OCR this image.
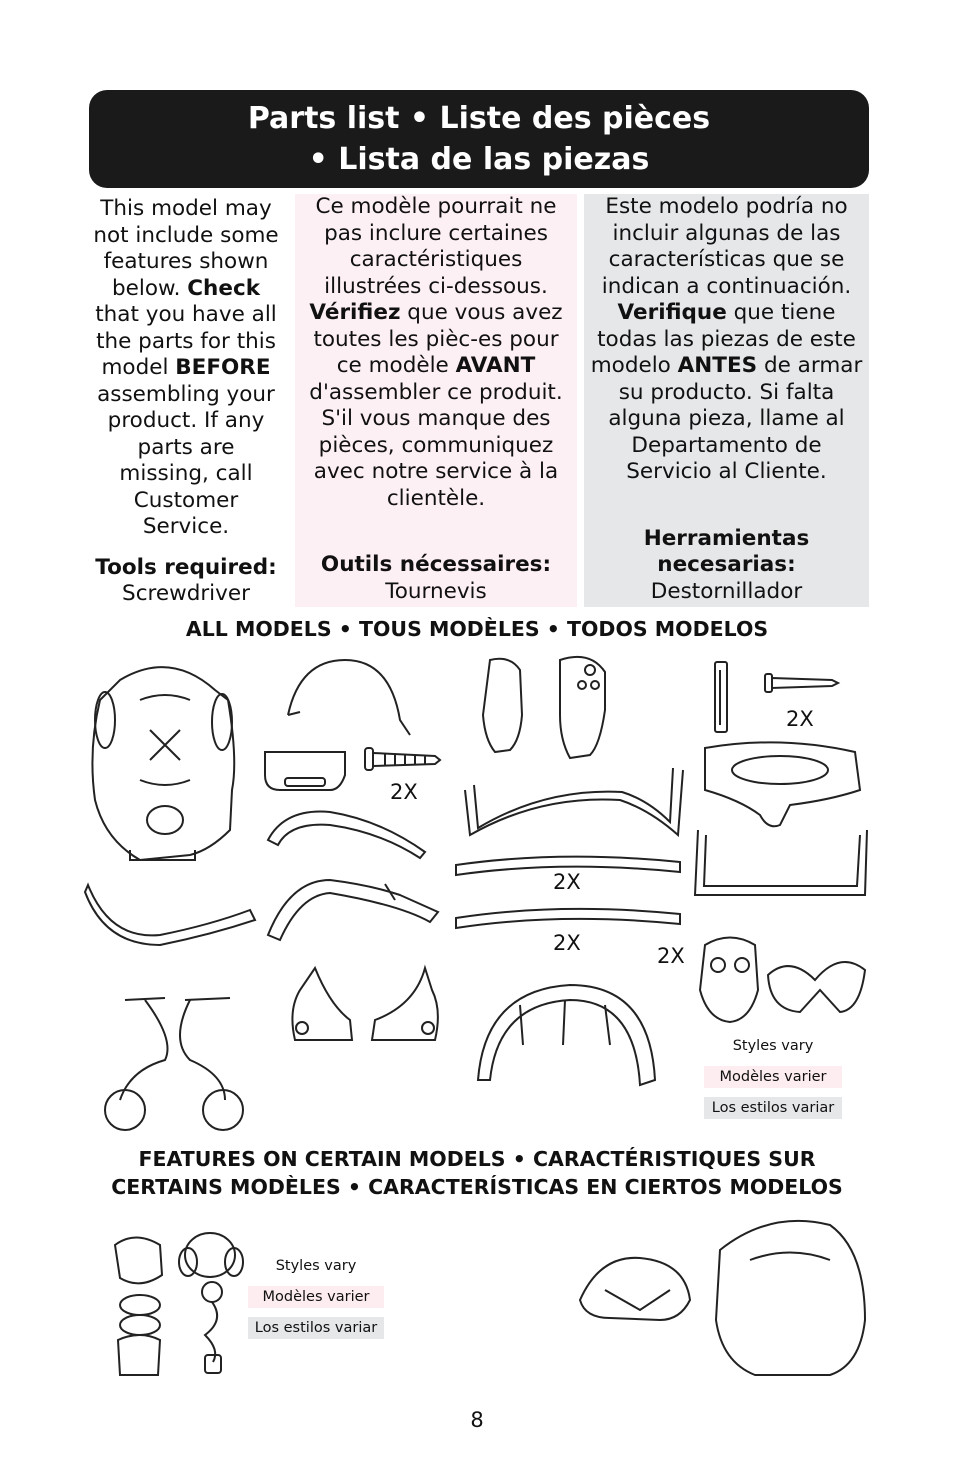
Parts list • Liste des pièces
• Lista de las piezas

This model may not include some features shown below. Check that you have all the parts for this model BEFORE assembling your product. If any parts are missing, call Customer Service.

Tools required:
Screwdriver

Ce modèle pourrait ne pas inclure certaines caractéristiques illustrées ci-dessous. Vérifiez que vous avez toutes les pièc-es pour ce modèle AVANT d'assembler ce produit. S'il vous manque des pièces, communiquez avec notre service à la clientèle.

Outils nécessaires:
Tournevis

Este modelo podría no incluir algunas de las características que se indican a continuación. Verifique que tiene todas las piezas de este modelo ANTES de armar su producto. Si falta alguna pieza, llame al Departamento de Servicio al Cliente.

Herramientas necesarias:
Destornillador

ALL MODELS • TOUS MODÈLES • TODOS MODELOS
2X
2X
2X
2X
2X
Styles vary
Modèles varier
Los estilos variar
FEATURES ON CERTAIN MODELS • CARACTÉRISTIQUES SUR
CERTAINS MODÈLES • CARACTERÍSTICAS EN CIERTOS MODELOS
Styles vary
Modèles varier
Los estilos variar
8
